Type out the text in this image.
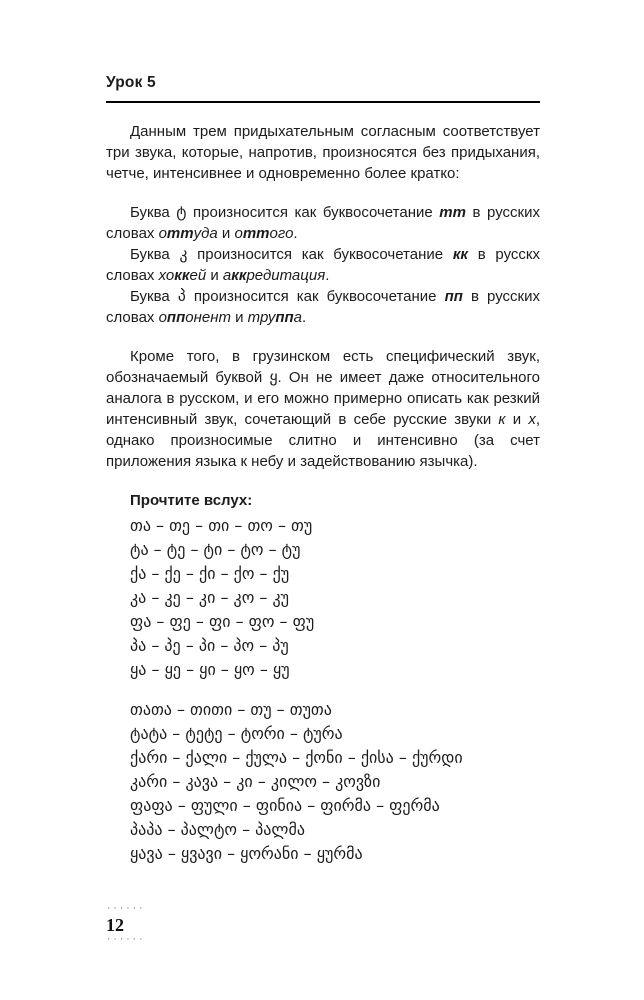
Урок 5

Данным трем придыхательным согласным соответствует три звука, которые, напротив, произносятся без придыхания, четче, интенсивнее и одновременно более кратко:

Буква ტ произносится как буквосочетание тт в русских словах оттуда и оттого.

Буква კ произносится как буквосочетание кк в русскх словах хоккей и аккредитация.

Буква პ произносится как буквосочетание пп в русских словах оппонент и труппа.

Кроме того, в грузинском есть специфический звук, обозначаемый буквой ყ. Он не имеет даже относительного аналога в русском, и его можно примерно описать как резкий интенсивный звук, сочетающий в себе русские звуки к и х, однако произносимые слитно и интенсивно (за счет приложения языка к небу и задействованию язычка).

Прочтите вслух:

თა – თე – თი – თო – თუ
ტა – ტე – ტი – ტო – ტუ
ქა – ქე – ქი – ქო – ქუ
კა – კე – კი – კო – კუ
ფა – ფე – ფი – ფო – ფუ
პა – პე – პი – პო – პუ
ყა – ყე – ყი – ყო – ყუ
თათა – თითი – თუ – თუთა
ტატა – ტეტე – ტორი – ტურა
ქარი – ქალი – ქულა – ქონი – ქისა – ქურდი
კარი – კავა – კი – კილო – კოვზი
ფაფა – ფული – ფინია – ფირმა – ფერმა
პაპა – პალტო – პალმა
ყავა – ყვავი – ყორანი – ყურმა
······
12
······
